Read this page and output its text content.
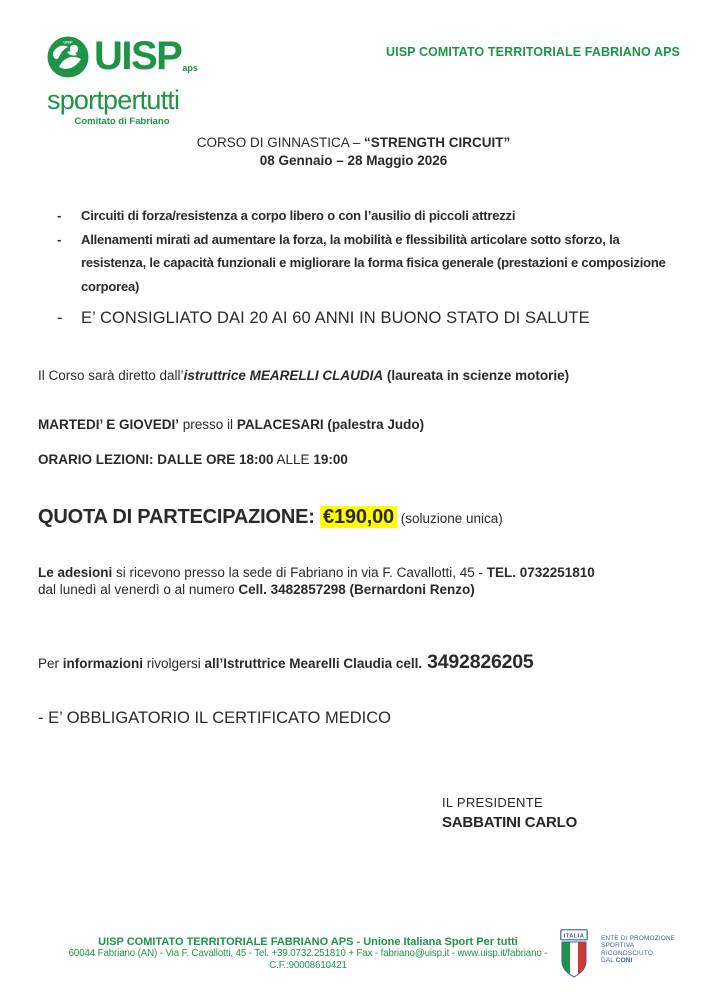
UISP UISPaps
sportpertutti
Comitato di Fabriano
UISP COMITATO TERRITORIALE FABRIANO APS
CORSO DI GINNASTICA – “STRENGTH CIRCUIT”
08 Gennaio – 28 Maggio 2026
-	Circuiti di forza/resistenza a corpo libero o con l’ausilio di piccoli attrezzi
-	Allenamenti mirati ad aumentare la forza, la mobilità e flessibilità articolare sotto sforzo, la resistenza, le capacità funzionali e migliorare la forma fisica generale (prestazioni e composizione corporea)
-	E’ CONSIGLIATO DAI 20 AI 60 ANNI IN BUONO STATO DI SALUTE
Il Corso sarà diretto dall’istruttrice MEARELLI CLAUDIA (laureata in scienze motorie)
MARTEDI’ E GIOVEDI’ presso il PALACESARI (palestra Judo)
ORARIO LEZIONI: DALLE ORE 18:00 ALLE 19:00
QUOTA DI PARTECIPAZIONE: €190,00 (soluzione unica)
Le adesioni si ricevono presso la sede di Fabriano in via F. Cavallotti, 45 - TEL. 0732251810
dal lunedì al venerdì o al numero Cell. 3482857298 (Bernardoni Renzo)
Per informazioni rivolgersi all’Istruttrice Mearelli Claudia cell. 3492826205
- E’ OBBLIGATORIO IL CERTIFICATO MEDICO
IL PRESIDENTE
SABBATINI CARLO
UISP COMITATO TERRITORIALE FABRIANO APS - Unione Italiana Sport Per tutti
60044 Fabriano (AN) - Via F. Cavallotti, 45 - Tel. +39.0732.251810 + Fax - fabriano@uisp.it - www.uisp.it/fabriano - C.F.:90008610421
ITALIA	ENTE DI PROMOZIONE
SPORTIVA
RICONOSCIUTO
DAL CONI
